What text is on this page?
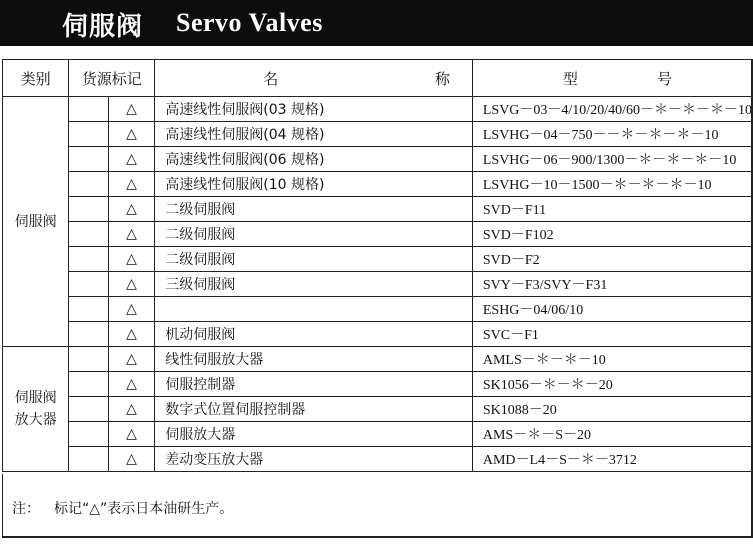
伺服阀 Servo Valves
类别	货源标记		名 称	型 号

伺服阀		△	高速线性伺服阀(03 规格)	LSVG－03－4/10/20/40/60－＊－＊－＊－10
		△	高速线性伺服阀(04 规格)	LSVHG－04－750－－＊－＊－＊－10
		△	高速线性伺服阀(06 规格)	LSVHG－06－900/1300－＊－＊－＊－10
		△	高速线性伺服阀(10 规格)	LSVHG－10－1500－＊－＊－＊－10
		△	二级伺服阀	SVD－F11
		△	二级伺服阀	SVD－F102
		△	二级伺服阀	SVD－F2
		△	三级伺服阀	SVY－F3/SVY－F31
		△		ESHG－04/06/10
		△	机动伺服阀	SVC－F1

伺服阀
放大器		△	线性伺服放大器	AMLS－＊－＊－10
		△	伺服控制器	SK1056－＊－＊－20
		△	数字式位置伺服控制器	SK1088－20
		△	伺服放大器	AMS－＊－S－20
		△	差动变压放大器	AMD－L4－S－＊－3712
注： 标记“△”表示日本油研生产。
